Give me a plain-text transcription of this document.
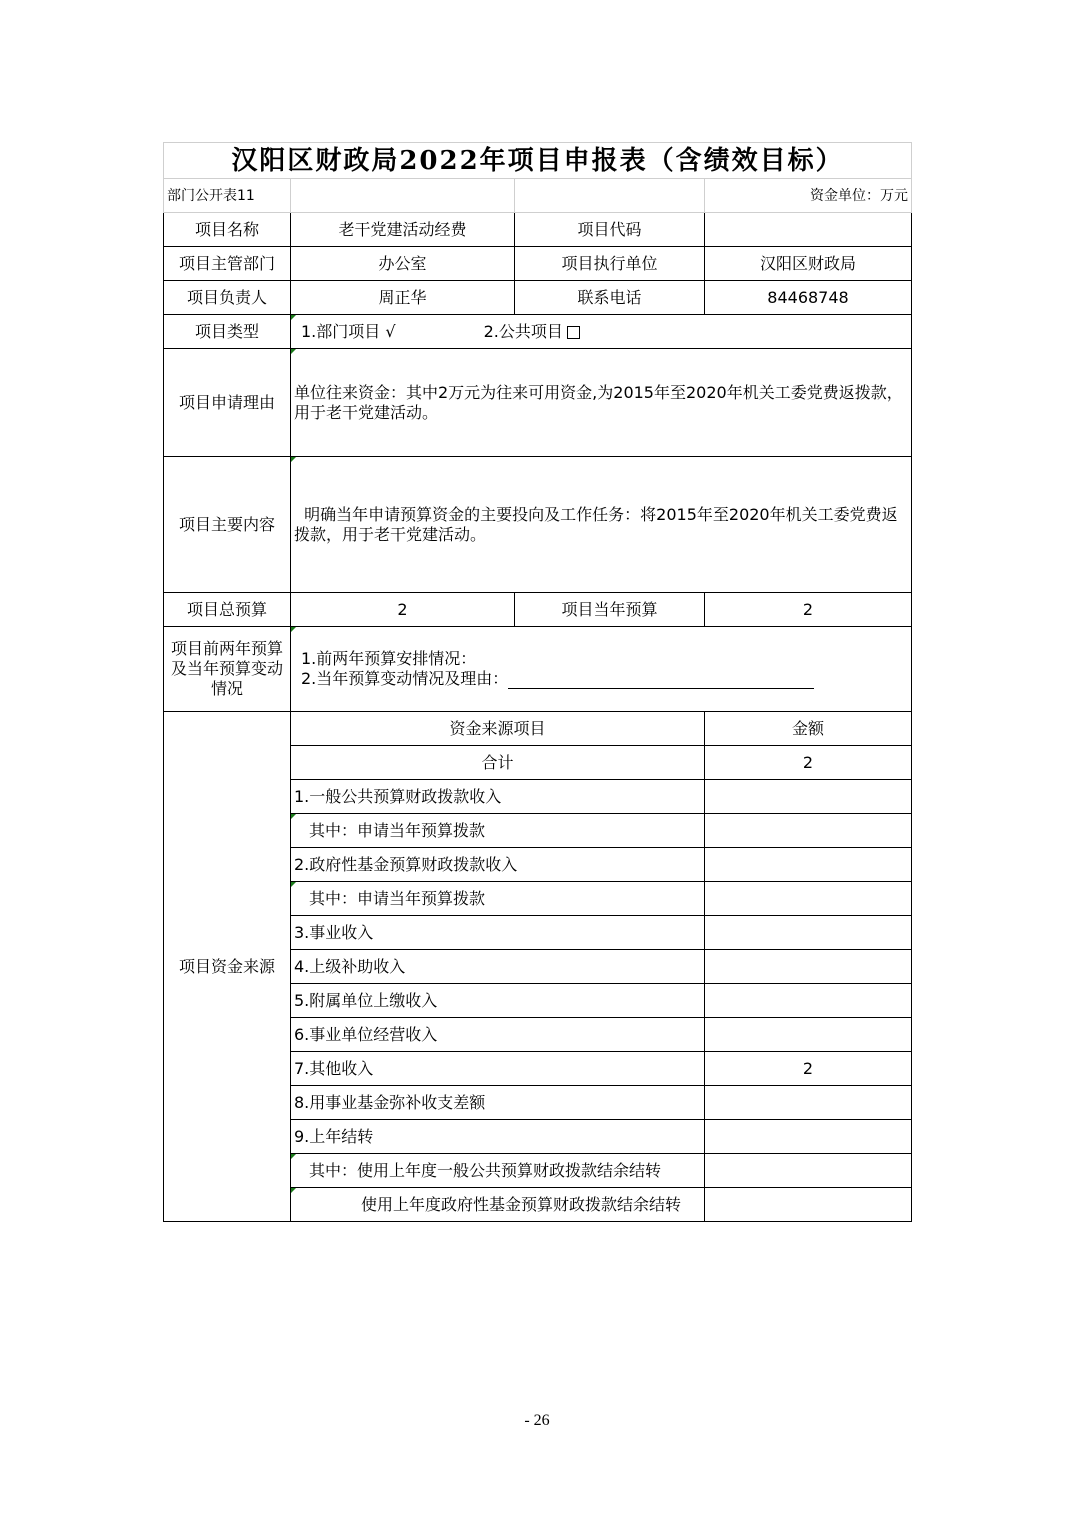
汉阳区财政局2022年项目申报表（含绩效目标）			
部门公开表11			资金单位：万元
项目名称	老干党建活动经费	项目代码	
项目主管部门	办公室	项目执行单位	汉阳区财政局
项目负责人	周正华	联系电话	84468748
项目类型	1.部门项目 √ 2.公共项目		
项目申请理由	单位往来资金：其中2万元为往来可用资金,为2015年至2020年机关工委党费返拨款，用于老干党建活动。		
项目主要内容	明确当年申请预算资金的主要投向及工作任务：将2015年至2020年机关工委党费返拨款，用于老干党建活动。		
项目总预算	2	项目当年预算	2
项目前两年预算及当年预算变动情况	1.前两年预算安排情况：
2.当年预算变动情况及理由：		

项目资金来源	资金来源项目		金额
	合计		2
	1.一般公共预算财政拨款收入		
	其中：申请当年预算拨款		
	2.政府性基金预算财政拨款收入		
	其中：申请当年预算拨款		
	3.事业收入		
	4.上级补助收入		
	5.附属单位上缴收入		
	6.事业单位经营收入		
	7.其他收入		2
	8.用事业基金弥补收支差额		
	9.上年结转		
	其中：使用上年度一般公共预算财政拨款结余结转		
	使用上年度政府性基金预算财政拨款结余结转		
- 26
